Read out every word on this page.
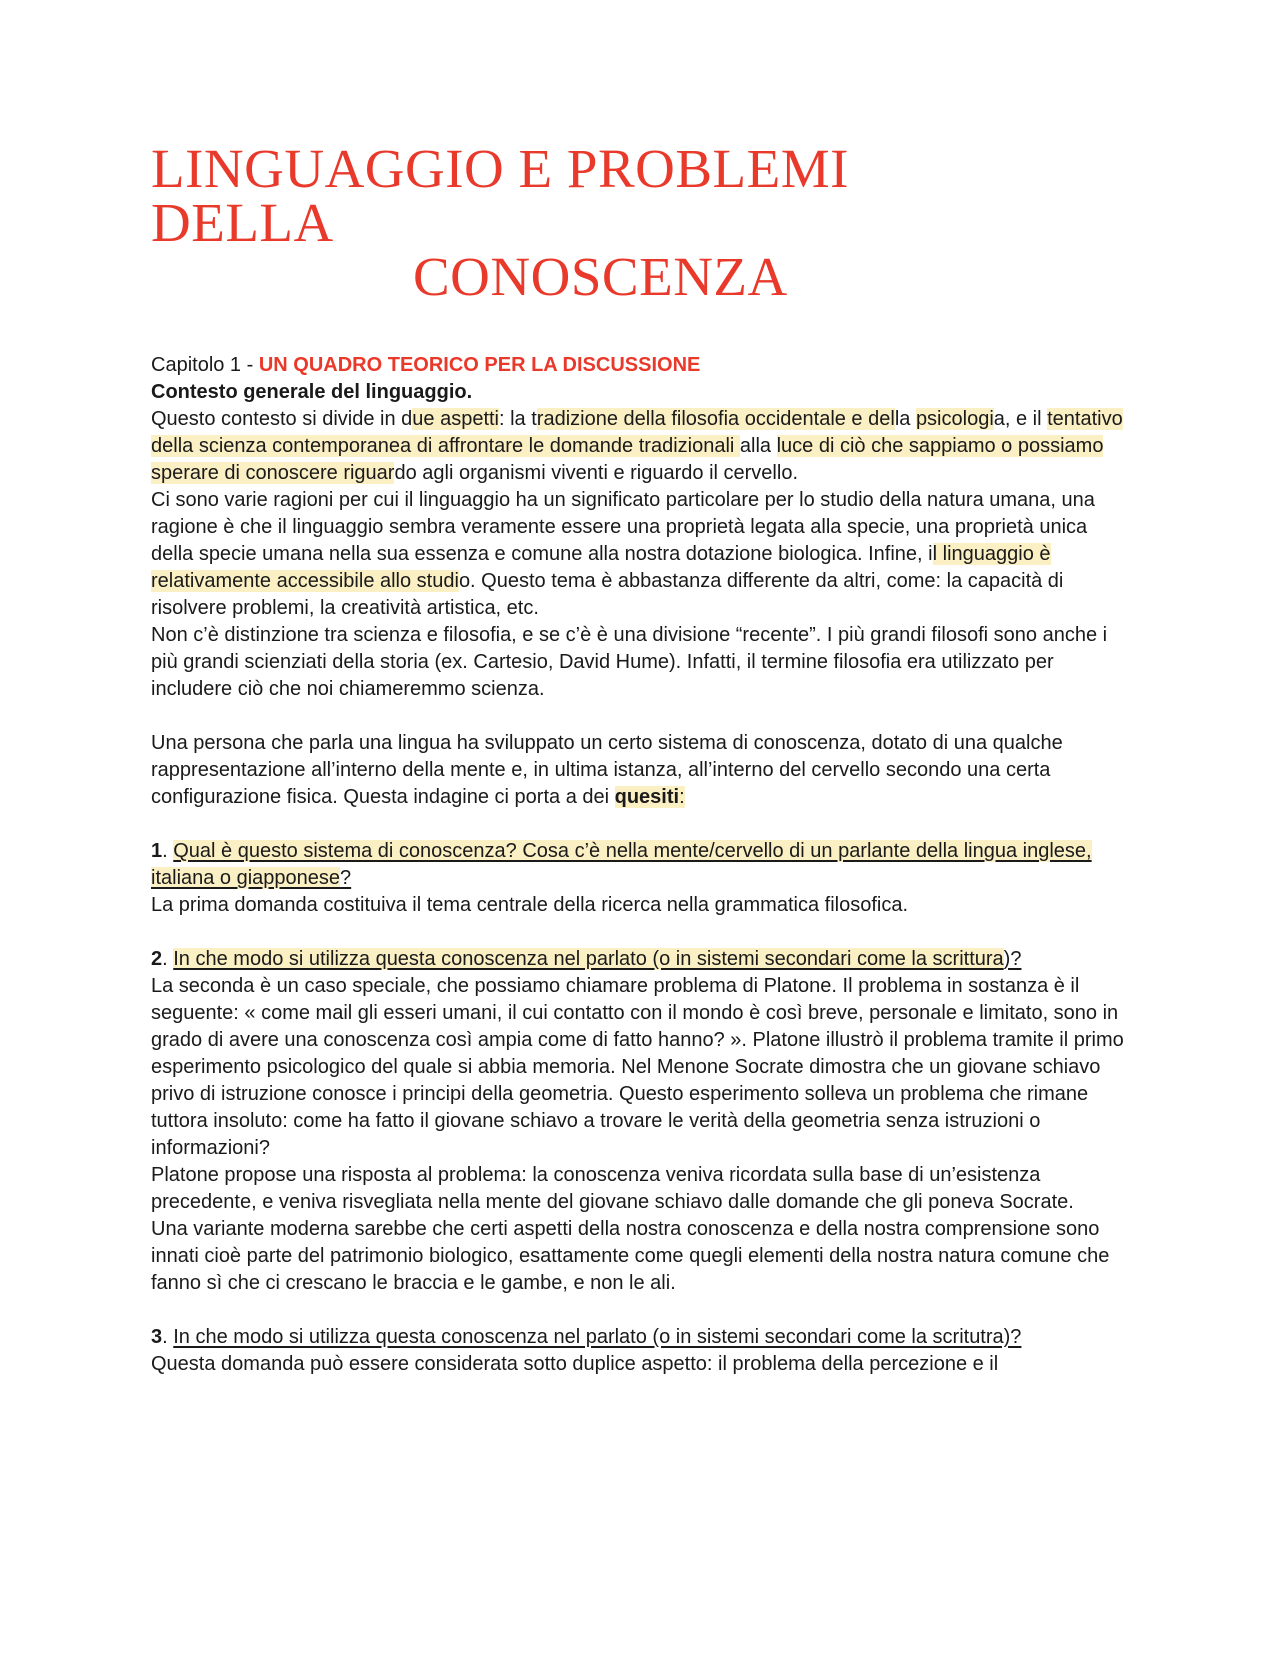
LINGUAGGIO E PROBLEMI
DELLA
CONOSCENZA

Capitolo 1 - UN QUADRO TEORICO PER LA DISCUSSIONE

Contesto generale del linguaggio.

Questo contesto si divide in due aspetti: la tradizione della filosofia occidentale e della psicologia, e il tentativo della scienza contemporanea di affrontare le domande tradizionali alla luce di ciò che sappiamo o possiamo sperare di conoscere riguardo agli organismi viventi e riguardo il cervello.

Ci sono varie ragioni per cui il linguaggio ha un significato particolare per lo studio della natura umana, una ragione è che il linguaggio sembra veramente essere una proprietà legata alla specie, una proprietà unica della specie umana nella sua essenza e comune alla nostra dotazione biologica. Infine, il linguaggio è relativamente accessibile allo studio. Questo tema è abbastanza differente da altri, come: la capacità di risolvere problemi, la creatività artistica, etc.

Non c’è distinzione tra scienza e filosofia, e se c’è è una divisione “recente”. I più grandi filosofi sono anche i più grandi scienziati della storia (ex. Cartesio, David Hume). Infatti, il termine filosofia era utilizzato per includere ciò che noi chiameremmo scienza.

Una persona che parla una lingua ha sviluppato un certo sistema di conoscenza, dotato di una qualche rappresentazione all’interno della mente e, in ultima istanza, all’interno del cervello secondo una certa configurazione fisica. Questa indagine ci porta a dei quesiti:

1. Qual è questo sistema di conoscenza? Cosa c’è nella mente/cervello di un parlante della lingua inglese, italiana o giapponese?

La prima domanda costituiva il tema centrale della ricerca nella grammatica filosofica.

2. In che modo si utilizza questa conoscenza nel parlato (o in sistemi secondari come la scrittura)?

La seconda è un caso speciale, che possiamo chiamare problema di Platone. Il problema in sostanza è il seguente: « come mail gli esseri umani, il cui contatto con il mondo è così breve, personale e limitato, sono in grado di avere una conoscenza così ampia come di fatto hanno? ». Platone illustrò il problema tramite il primo esperimento psicologico del quale si abbia memoria. Nel Menone Socrate dimostra che un giovane schiavo privo di istruzione conosce i principi della geometria. Questo esperimento solleva un problema che rimane tuttora insoluto: come ha fatto il giovane schiavo a trovare le verità della geometria senza istruzioni o informazioni?

Platone propose una risposta al problema: la conoscenza veniva ricordata sulla base di un’esistenza precedente, e veniva risvegliata nella mente del giovane schiavo dalle domande che gli poneva Socrate.

Una variante moderna sarebbe che certi aspetti della nostra conoscenza e della nostra comprensione sono innati cioè parte del patrimonio biologico, esattamente come quegli elementi della nostra natura comune che fanno sì che ci crescano le braccia e le gambe, e non le ali.

3. In che modo si utilizza questa conoscenza nel parlato (o in sistemi secondari come la scritutra)?

Questa domanda può essere considerata sotto duplice aspetto: il problema della percezione e il
